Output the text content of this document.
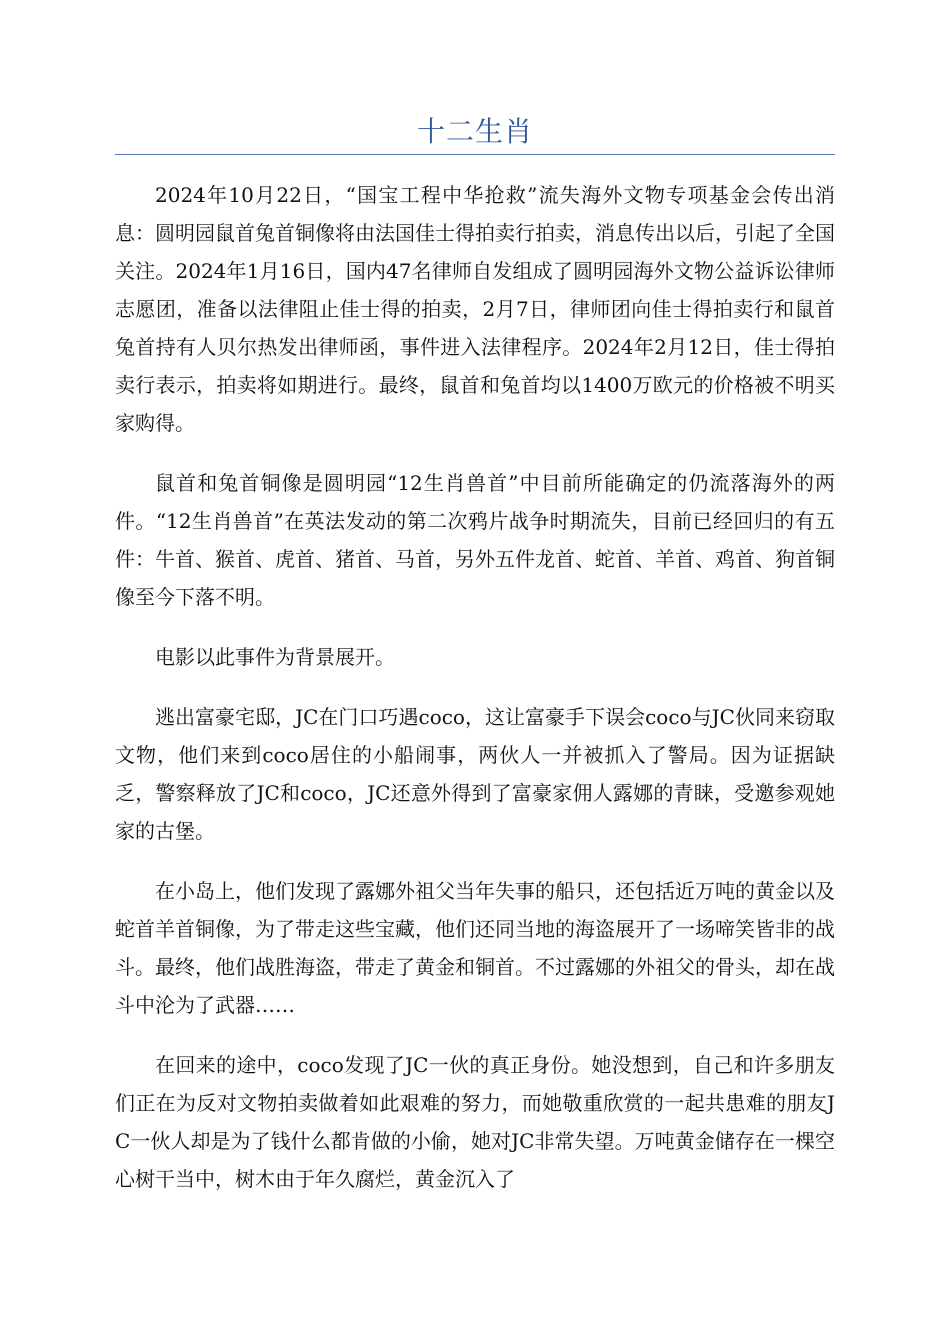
十二生肖

2024年10月22日，“国宝工程中华抢救”流失海外文物专项基金会传出消息：圆明园鼠首兔首铜像将由法国佳士得拍卖行拍卖，消息传出以后，引起了全国关注。2024年1月16日，国内47名律师自发组成了圆明园海外文物公益诉讼律师志愿团，准备以法律阻止佳士得的拍卖，2月7日，律师团向佳士得拍卖行和鼠首兔首持有人贝尔热发出律师函，事件进入法律程序。2024年2月12日，佳士得拍卖行表示，拍卖将如期进行。最终，鼠首和兔首均以1400万欧元的价格被不明买家购得。

鼠首和兔首铜像是圆明园“12生肖兽首”中目前所能确定的仍流落海外的两件。“12生肖兽首”在英法发动的第二次鸦片战争时期流失，目前已经回归的有五件：牛首、猴首、虎首、猪首、马首，另外五件龙首、蛇首、羊首、鸡首、狗首铜像至今下落不明。

电影以此事件为背景展开。

逃出富豪宅邸，JC在门口巧遇coco，这让富豪手下误会coco与JC伙同来窃取文物，他们来到coco居住的小船闹事，两伙人一并被抓入了警局。因为证据缺乏，警察释放了JC和coco，JC还意外得到了富豪家佣人露娜的青睐，受邀参观她家的古堡。

在小岛上，他们发现了露娜外祖父当年失事的船只，还包括近万吨的黄金以及蛇首羊首铜像，为了带走这些宝藏，他们还同当地的海盗展开了一场啼笑皆非的战斗。最终，他们战胜海盗，带走了黄金和铜首。不过露娜的外祖父的骨头，却在战斗中沦为了武器……

在回来的途中，coco发现了JC一伙的真正身份。她没想到，自己和许多朋友们正在为反对文物拍卖做着如此艰难的努力，而她敬重欣赏的一起共患难的朋友JC一伙人却是为了钱什么都肯做的小偷，她对JC非常失望。万吨黄金储存在一棵空心树干当中，树木由于年久腐烂，黄金沉入了
